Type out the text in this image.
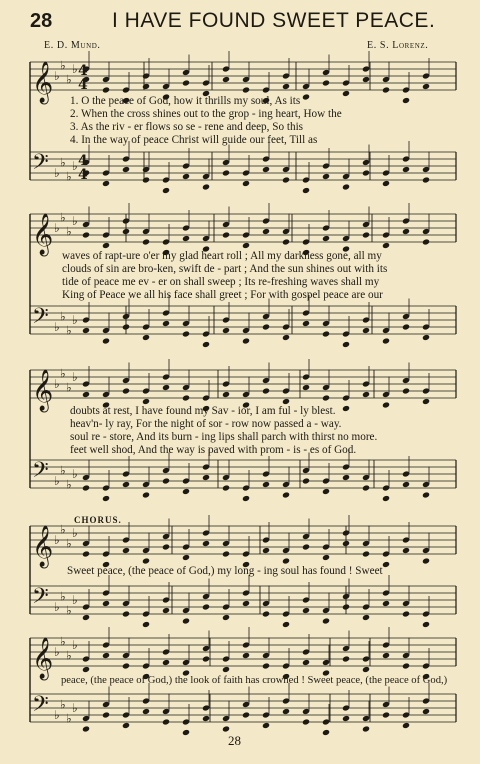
28	I HAVE FOUND SWEET PEACE.
E. D. Mund.	E. S. Lorenz.
𝄞 ♭
♭
♭
♭
𝄢 ♭
♭
♭
♭
𝄞 ♭
♭
♭
♭
𝄢 ♭
♭
♭
♭
𝄞 ♭
♭
♭
♭
𝄢 ♭
♭
♭
♭
𝄞 ♭
♭
♭
♭
𝄢 ♭
♭
♭
♭
𝄞 ♭
♭
♭
♭
𝄢 ♭
♭
♭
♭
4
4
4
4
1. O the peace of God, how it thrills my soul, As its
2. When the cross shines out to the grop - ing heart, How the
3. As the riv - er flows so se - rene and deep, So this
4. In the way of peace Christ will guide our feet, Till as
waves of rapt-ure o'er my glad heart roll ; All my darkness gone, all my
clouds of sin are bro-ken, swift de - part ; And the sun shines out with its
tide of peace me ev - er on shall sweep ; Its re-freshing waves shall my
King of Peace we all his face shall greet ; For with gospel peace are our
doubts at rest, I have found my Sav - ior, I am ful - ly blest.
heav'n- ly ray, For the night of sor - row now passed a - way.
soul re - store, And its burn - ing lips shall parch with thirst no more.
feet well shod, And the way is paved with prom - is - es of God.
CHORUS.
Sweet peace, (the peace of God,) my long - ing soul has found ! Sweet
peace, (the peace of God,) the look of faith has crowned ! Sweet peace, (the peace of God,)
28
